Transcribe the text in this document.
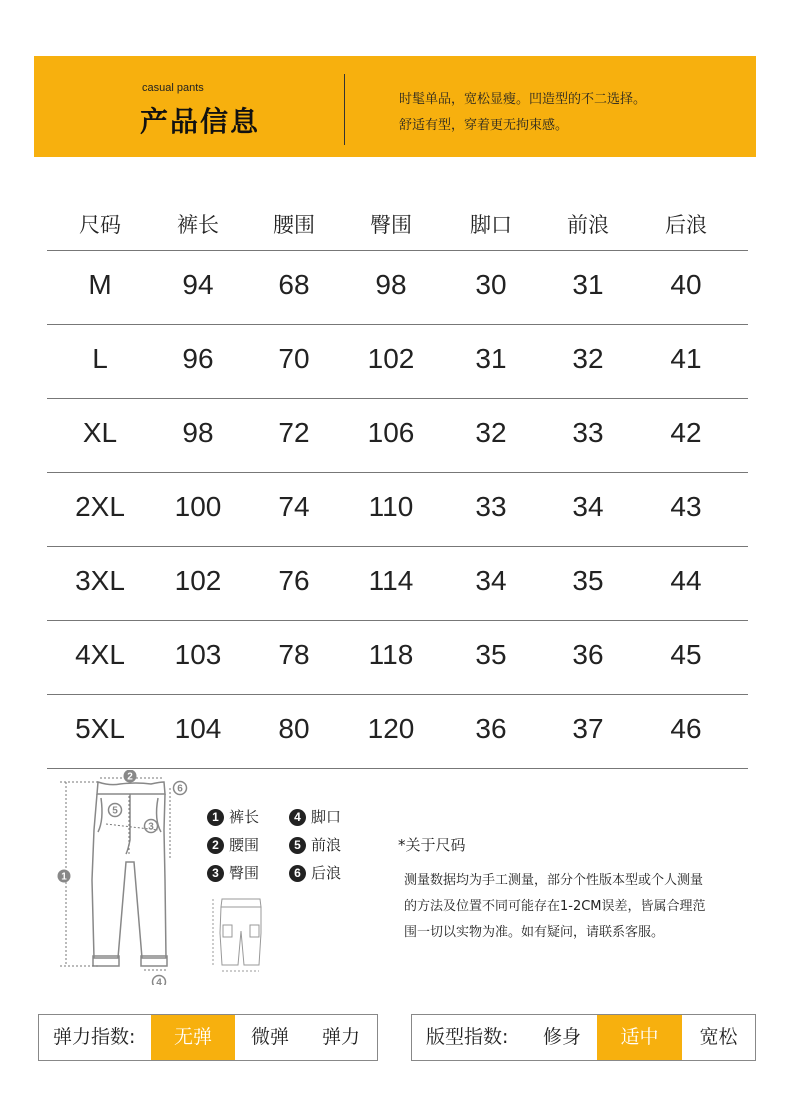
casual pants
产品信息
时髦单品，宽松显瘦。凹造型的不二选择。
舒适有型，穿着更无拘束感。
尺码	裤长	腰围	臀围	脚口	前浪	后浪
M	94	68	98	30	31	40
L	96	70	102	31	32	41
XL	98	72	106	32	33	42
2XL	100	74	110	33	34	43
3XL	102	76	114	34	35	44
4XL	103	78	118	35	36	45
5XL	104	80	120	36	37	46
1
2
3
4
5
6
1 裤长
2 腰围
3 臀围
4 脚口
5 前浪
6 后浪
*关于尺码
测量数据均为手工测量，部分个性版本型或个人测量
的方法及位置不同可能存在1-2CM误差，皆属合理范
围一切以实物为准。如有疑问，请联系客服。
弹力指数:	无弹	微弹	弹力	版型指数:	修身	适中	宽松
